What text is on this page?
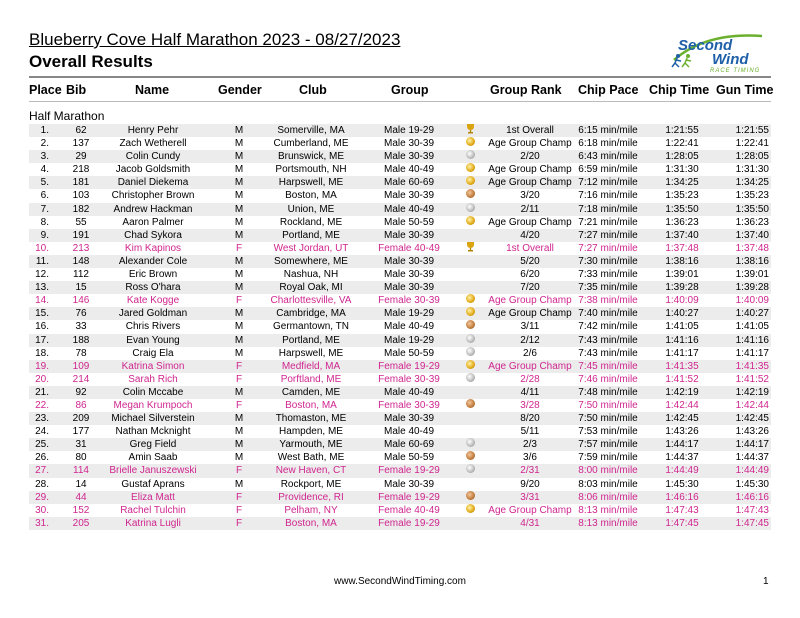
Blueberry Cove Half Marathon 2023 - 08/27/2023
Overall Results
Second
Wind
RACE TIMING
Place Bib	Name	Gender	Club	Group	Group Rank Chip Pace Chip Time Gun Time
Half Marathon
1.	62	Henry Pehr	M	Somerville, MA	Male 19-29	1st Overall	6:15 min/mile	1:21:55	1:21:55
2.	137	Zach Wetherell	M	Cumberland, ME	Male 30-39	Age Group Champ 6:18 min/mile	1:22:41	1:22:41
3.	29	Colin Cundy	M	Brunswick, ME	Male 30-39	2/20	6:43 min/mile	1:28:05	1:28:05
4.	218	Jacob Goldsmith	M	Portsmouth, NH	Male 40-49	Age Group Champ 6:59 min/mile	1:31:30	1:31:30
5.	181	Daniel Diekema	M	Harpswell, ME	Male 60-69	Age Group Champ 7:12 min/mile	1:34:25	1:34:25
6.	103	Christopher Brown	M	Boston, MA	Male 30-39	3/20	7:16 min/mile	1:35:23	1:35:23
7.	182	Andrew Hackman	M	Union, ME	Male 40-49	2/11	7:18 min/mile	1:35:50	1:35:50
8.	55	Aaron Palmer	M	Rockland, ME	Male 50-59	Age Group Champ 7:21 min/mile	1:36:23	1:36:23
9.	191	Chad Sykora	M	Portland, ME	Male 30-39	4/20	7:27 min/mile	1:37:40	1:37:40
10.	213	Kim Kapinos	F	West Jordan, UT	Female 40-49	1st Overall	7:27 min/mile	1:37:48	1:37:48
11.	148	Alexander Cole	M	Somewhere, ME	Male 30-39	5/20	7:30 min/mile	1:38:16	1:38:16
12.	112	Eric Brown	M	Nashua, NH	Male 30-39	6/20	7:33 min/mile	1:39:01	1:39:01
13.	15	Ross O'hara	M	Royal Oak, MI	Male 30-39	7/20	7:35 min/mile	1:39:28	1:39:28
14.	146	Kate Kogge	F	Charlottesville, VA	Female 30-39	Age Group Champ 7:38 min/mile	1:40:09	1:40:09
15.	76	Jared Goldman	M	Cambridge, MA	Male 19-29	Age Group Champ 7:40 min/mile	1:40:27	1:40:27
16.	33	Chris Rivers	M	Germantown, TN	Male 40-49	3/11	7:42 min/mile	1:41:05	1:41:05
17.	188	Evan Young	M	Portland, ME	Male 19-29	2/12	7:43 min/mile	1:41:16	1:41:16
18.	78	Craig Ela	M	Harpswell, ME	Male 50-59	2/6	7:43 min/mile	1:41:17	1:41:17
19.	109	Katrina Simon	F	Medfield, MA	Female 19-29	Age Group Champ 7:45 min/mile	1:41:35	1:41:35
20.	214	Sarah Rich	F	Porftland, ME	Female 30-39	2/28	7:46 min/mile	1:41:52	1:41:52
21.	92	Colin Mccabe	M	Camden, ME	Male 40-49	4/11	7:48 min/mile	1:42:19	1:42:19
22.	86	Megan Krumpoch	F	Boston, MA	Female 30-39	3/28	7:50 min/mile	1:42:44	1:42:44
23.	209	Michael Silverstein	M	Thomaston, ME	Male 30-39	8/20	7:50 min/mile	1:42:45	1:42:45
24.	177	Nathan Mcknight	M	Hampden, ME	Male 40-49	5/11	7:53 min/mile	1:43:26	1:43:26
25.	31	Greg Field	M	Yarmouth, ME	Male 60-69	2/3	7:57 min/mile	1:44:17	1:44:17
26.	80	Amin Saab	M	West Bath, ME	Male 50-59	3/6	7:59 min/mile	1:44:37	1:44:37
27.	114	Brielle Januszewski	F	New Haven, CT	Female 19-29	2/31	8:00 min/mile	1:44:49	1:44:49
28.	14	Gustaf Aprans	M	Rockport, ME	Male 30-39	9/20	8:03 min/mile	1:45:30	1:45:30
29.	44	Eliza Matt	F	Providence, RI	Female 19-29	3/31	8:06 min/mile	1:46:16	1:46:16
30.	152	Rachel Tulchin	F	Pelham, NY	Female 40-49	Age Group Champ 8:13 min/mile	1:47:43	1:47:43
31.	205	Katrina Lugli	F	Boston, MA	Female 19-29	4/31	8:13 min/mile	1:47:45	1:47:45
www.SecondWindTiming.com	1
